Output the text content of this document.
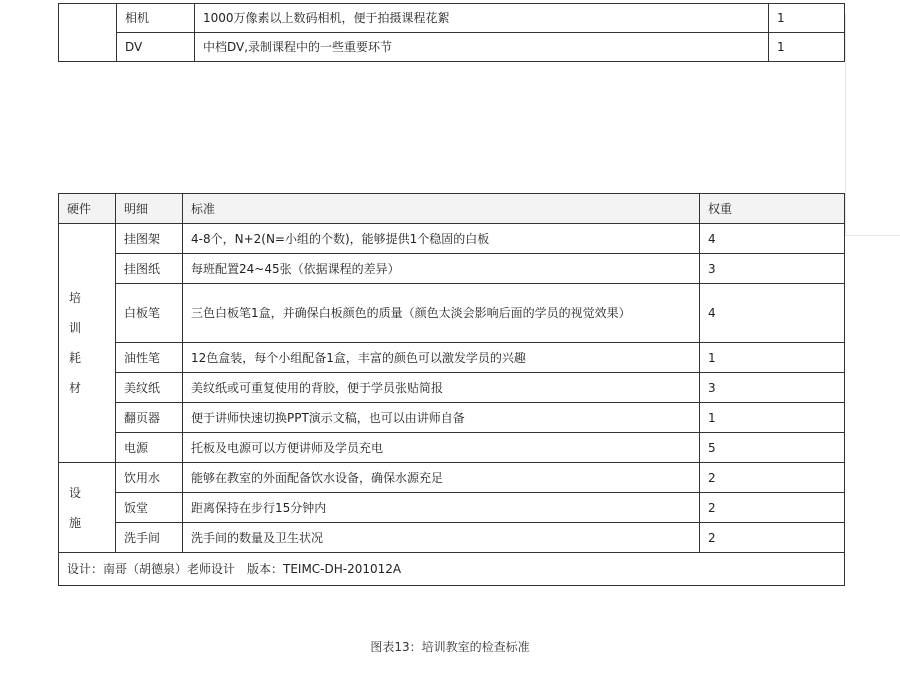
	相机	1000万像素以上数码相机，便于拍摄课程花絮	1
	DV	中档DV,录制课程中的一些重要环节	1
硬件	明细	标准	权重

培
训
耗
材	挂图架	4-8个，N+2(N=小组的个数)，能够提供1个稳固的白板	4
	挂图纸	每班配置24~45张（依据课程的差异）	3
	白板笔	三色白板笔1盒，并确保白板颜色的质量（颜色太淡会影响后面的学员的视觉效果）	4
	油性笔	12色盒装，每个小组配备1盒，丰富的颜色可以激发学员的兴趣	1
	美纹纸	美纹纸或可重复使用的背胶，便于学员张贴简报	3
	翻页器	便于讲师快速切换PPT演示文稿，也可以由讲师自备	1
	电源	托板及电源可以方便讲师及学员充电	5

设
施	饮用水	能够在教室的外面配备饮水设备，确保水源充足	2
	饭堂	距离保持在步行15分钟内	2
	洗手间	洗手间的数量及卫生状况	2
设计：南哥（胡德泉）老师设计　版本：TEIMC-DH-201012A			
图表13：培训教室的检查标准
